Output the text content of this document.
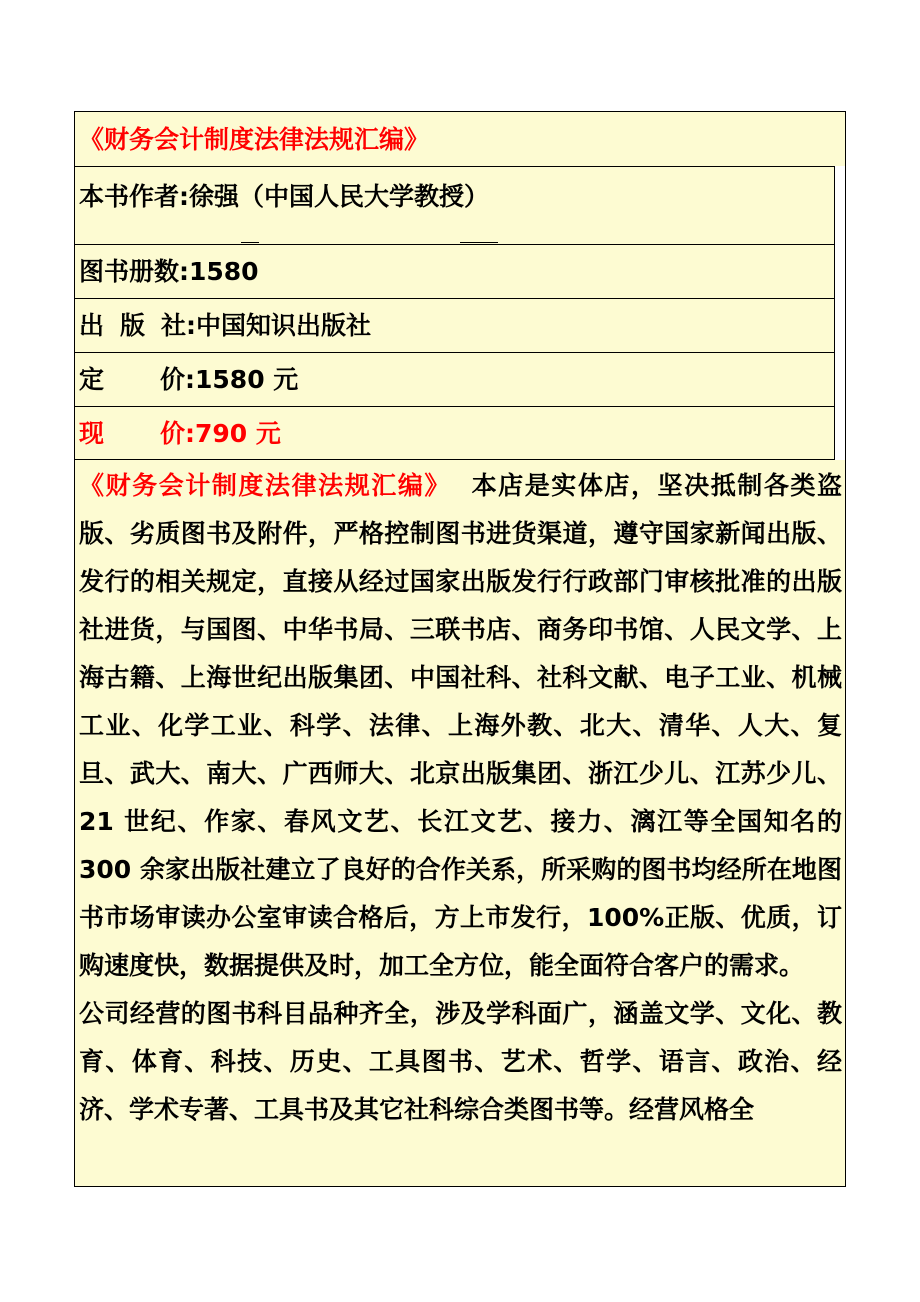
《财务会计制度法律法规汇编》
本书作者:徐强（中国人民大学教授）
图书册数:1580
出 版 社:中国知识出版社
定 价:1580 元
现 价:790 元

《财务会计制度法律法规汇编》 本店是实体店，坚决抵制各类盗版、劣质图书及附件，严格控制图书进货渠道，遵守国家新闻出版、发行的相关规定，直接从经过国家出版发行行政部门审核批准的出版社进货，与国图、中华书局、三联书店、商务印书馆、人民文学、上海古籍、上海世纪出版集团、中国社科、社科文献、电子工业、机械工业、化学工业、科学、法律、上海外教、北大、清华、人大、复旦、武大、南大、广西师大、北京出版集团、浙江少儿、江苏少儿、21 世纪、作家、春风文艺、长江文艺、接力、漓江等全国知名的 300 余家出版社建立了良好的合作关系，所采购的图书均经所在地图书市场审读办公室审读合格后，方上市发行，100%正版、优质，订购速度快，数据提供及时，加工全方位，能全面符合客户的需求。

公司经营的图书科目品种齐全，涉及学科面广，涵盖文学、文化、教育、体育、科技、历史、工具图书、艺术、哲学、语言、政治、经济、学术专著、工具书及其它社科综合类图书等。经营风格全
